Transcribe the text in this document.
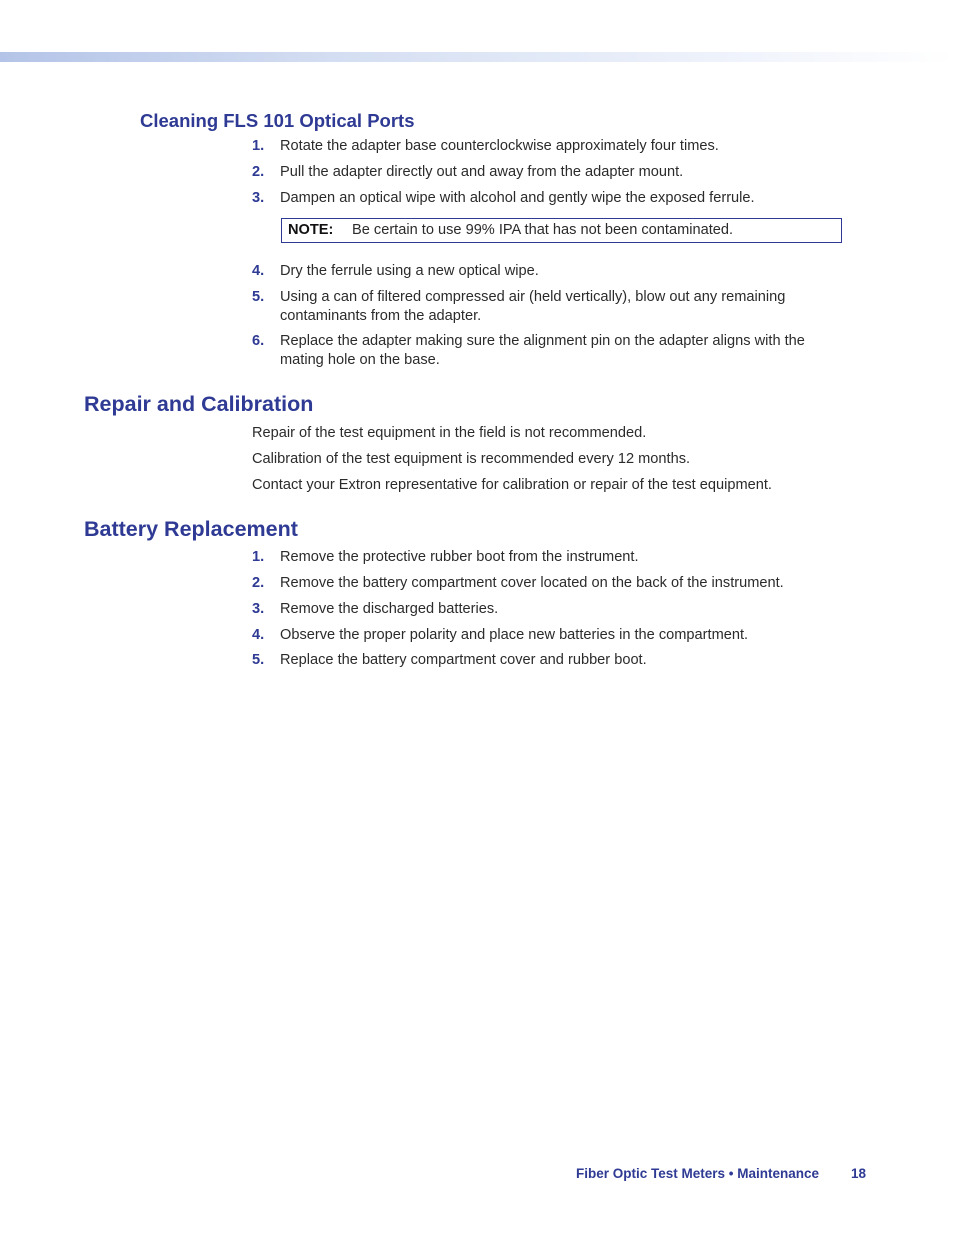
Cleaning FLS 101 Optical Ports
1.	Rotate the adapter base counterclockwise approximately four times.
2.	Pull the adapter directly out and away from the adapter mount.
3.	Dampen an optical wipe with alcohol and gently wipe the exposed ferrule.
NOTE: Be certain to use 99% IPA that has not been contaminated.
4.	Dry the ferrule using a new optical wipe.
5.	Using a can of filtered compressed air (held vertically), blow out any remaining contaminants from the adapter.
6.	Replace the adapter making sure the alignment pin on the adapter aligns with the mating hole on the base.
Repair and Calibration

Repair of the test equipment in the field is not recommended.

Calibration of the test equipment is recommended every 12 months.

Contact your Extron representative for calibration or repair of the test equipment.

Battery Replacement
1.	Remove the protective rubber boot from the instrument.
2.	Remove the battery compartment cover located on the back of the instrument.
3.	Remove the discharged batteries.
4.	Observe the proper polarity and place new batteries in the compartment.
5.	Replace the battery compartment cover and rubber boot.

Fiber Optic Test Meters • Maintenance 18
